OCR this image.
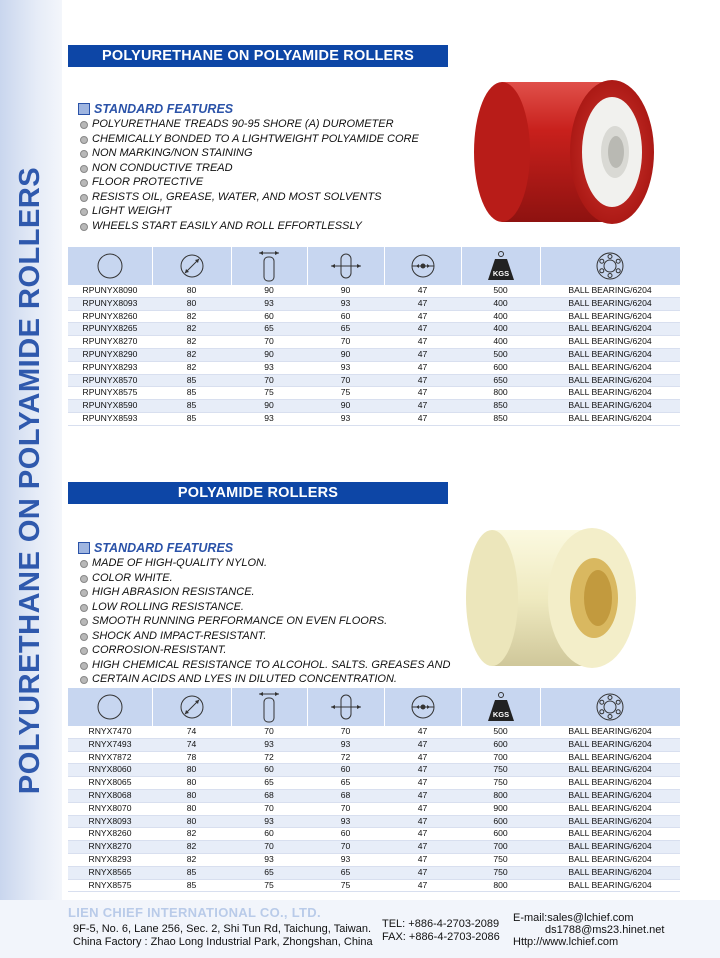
POLYURETHANE ON POLYAMIDE ROLLERS
POLYURETHANE ON POLYAMIDE ROLLERS
STANDARD FEATURES
POLYURETHANE TREADS 90-95 SHORE (A) DUROMETER
CHEMICALLY BONDED TO A LIGHTWEIGHT POLYAMIDE CORE
NON MARKING/NON STAINING
NON CONDUCTIVE TREAD
FLOOR PROTECTIVE
RESISTS OIL, GREASE, WATER, AND MOST SOLVENTS
LIGHT WEIGHT
WHEELS START EASILY AND ROLL EFFORTLESSLY

KGS

RPUNYX8090	80	90	90	47	500	BALL BEARING/6204
RPUNYX8093	80	93	93	47	400	BALL BEARING/6204
RPUNYX8260	82	60	60	47	400	BALL BEARING/6204
RPUNYX8265	82	65	65	47	400	BALL BEARING/6204
RPUNYX8270	82	70	70	47	400	BALL BEARING/6204
RPUNYX8290	82	90	90	47	500	BALL BEARING/6204
RPUNYX8293	82	93	93	47	600	BALL BEARING/6204
RPUNYX8570	85	70	70	47	650	BALL BEARING/6204
RPUNYX8575	85	75	75	47	800	BALL BEARING/6204
RPUNYX8590	85	90	90	47	850	BALL BEARING/6204
RPUNYX8593	85	93	93	47	850	BALL BEARING/6204
POLYAMIDE ROLLERS
STANDARD FEATURES
MADE OF HIGH-QUALITY NYLON.
COLOR WHITE.
HIGH ABRASION RESISTANCE.
LOW ROLLING RESISTANCE.
SMOOTH RUNNING PERFORMANCE ON EVEN FLOORS.
SHOCK AND IMPACT-RESISTANT.
CORROSION-RESISTANT.
HIGH CHEMICAL RESISTANCE TO ALCOHOL. SALTS. GREASES AND
CERTAIN ACIDS AND LYES IN DILUTED CONCENTRATION.

KGS

RNYX7470	74	70	70	47	500	BALL BEARING/6204
RNYX7493	74	93	93	47	600	BALL BEARING/6204
RNYX7872	78	72	72	47	700	BALL BEARING/6204
RNYX8060	80	60	60	47	750	BALL BEARING/6204
RNYX8065	80	65	65	47	750	BALL BEARING/6204
RNYX8068	80	68	68	47	800	BALL BEARING/6204
RNYX8070	80	70	70	47	900	BALL BEARING/6204
RNYX8093	80	93	93	47	600	BALL BEARING/6204
RNYX8260	82	60	60	47	600	BALL BEARING/6204
RNYX8270	82	70	70	47	700	BALL BEARING/6204
RNYX8293	82	93	93	47	750	BALL BEARING/6204
RNYX8565	85	65	65	47	750	BALL BEARING/6204
RNYX8575	85	75	75	47	800	BALL BEARING/6204
LIEN CHIEF INTERNATIONAL CO., LTD.
9F-5, No. 6, Lane 256, Sec. 2, Shi Tun Rd, Taichung, Taiwan.
China Factory : Zhao Long Industrial Park, Zhongshan, China
TEL: +886-4-2703-2089
FAX: +886-4-2703-2086
E-mail:sales@lchief.com
ds1788@ms23.hinet.net
Http://www.lchief.com
